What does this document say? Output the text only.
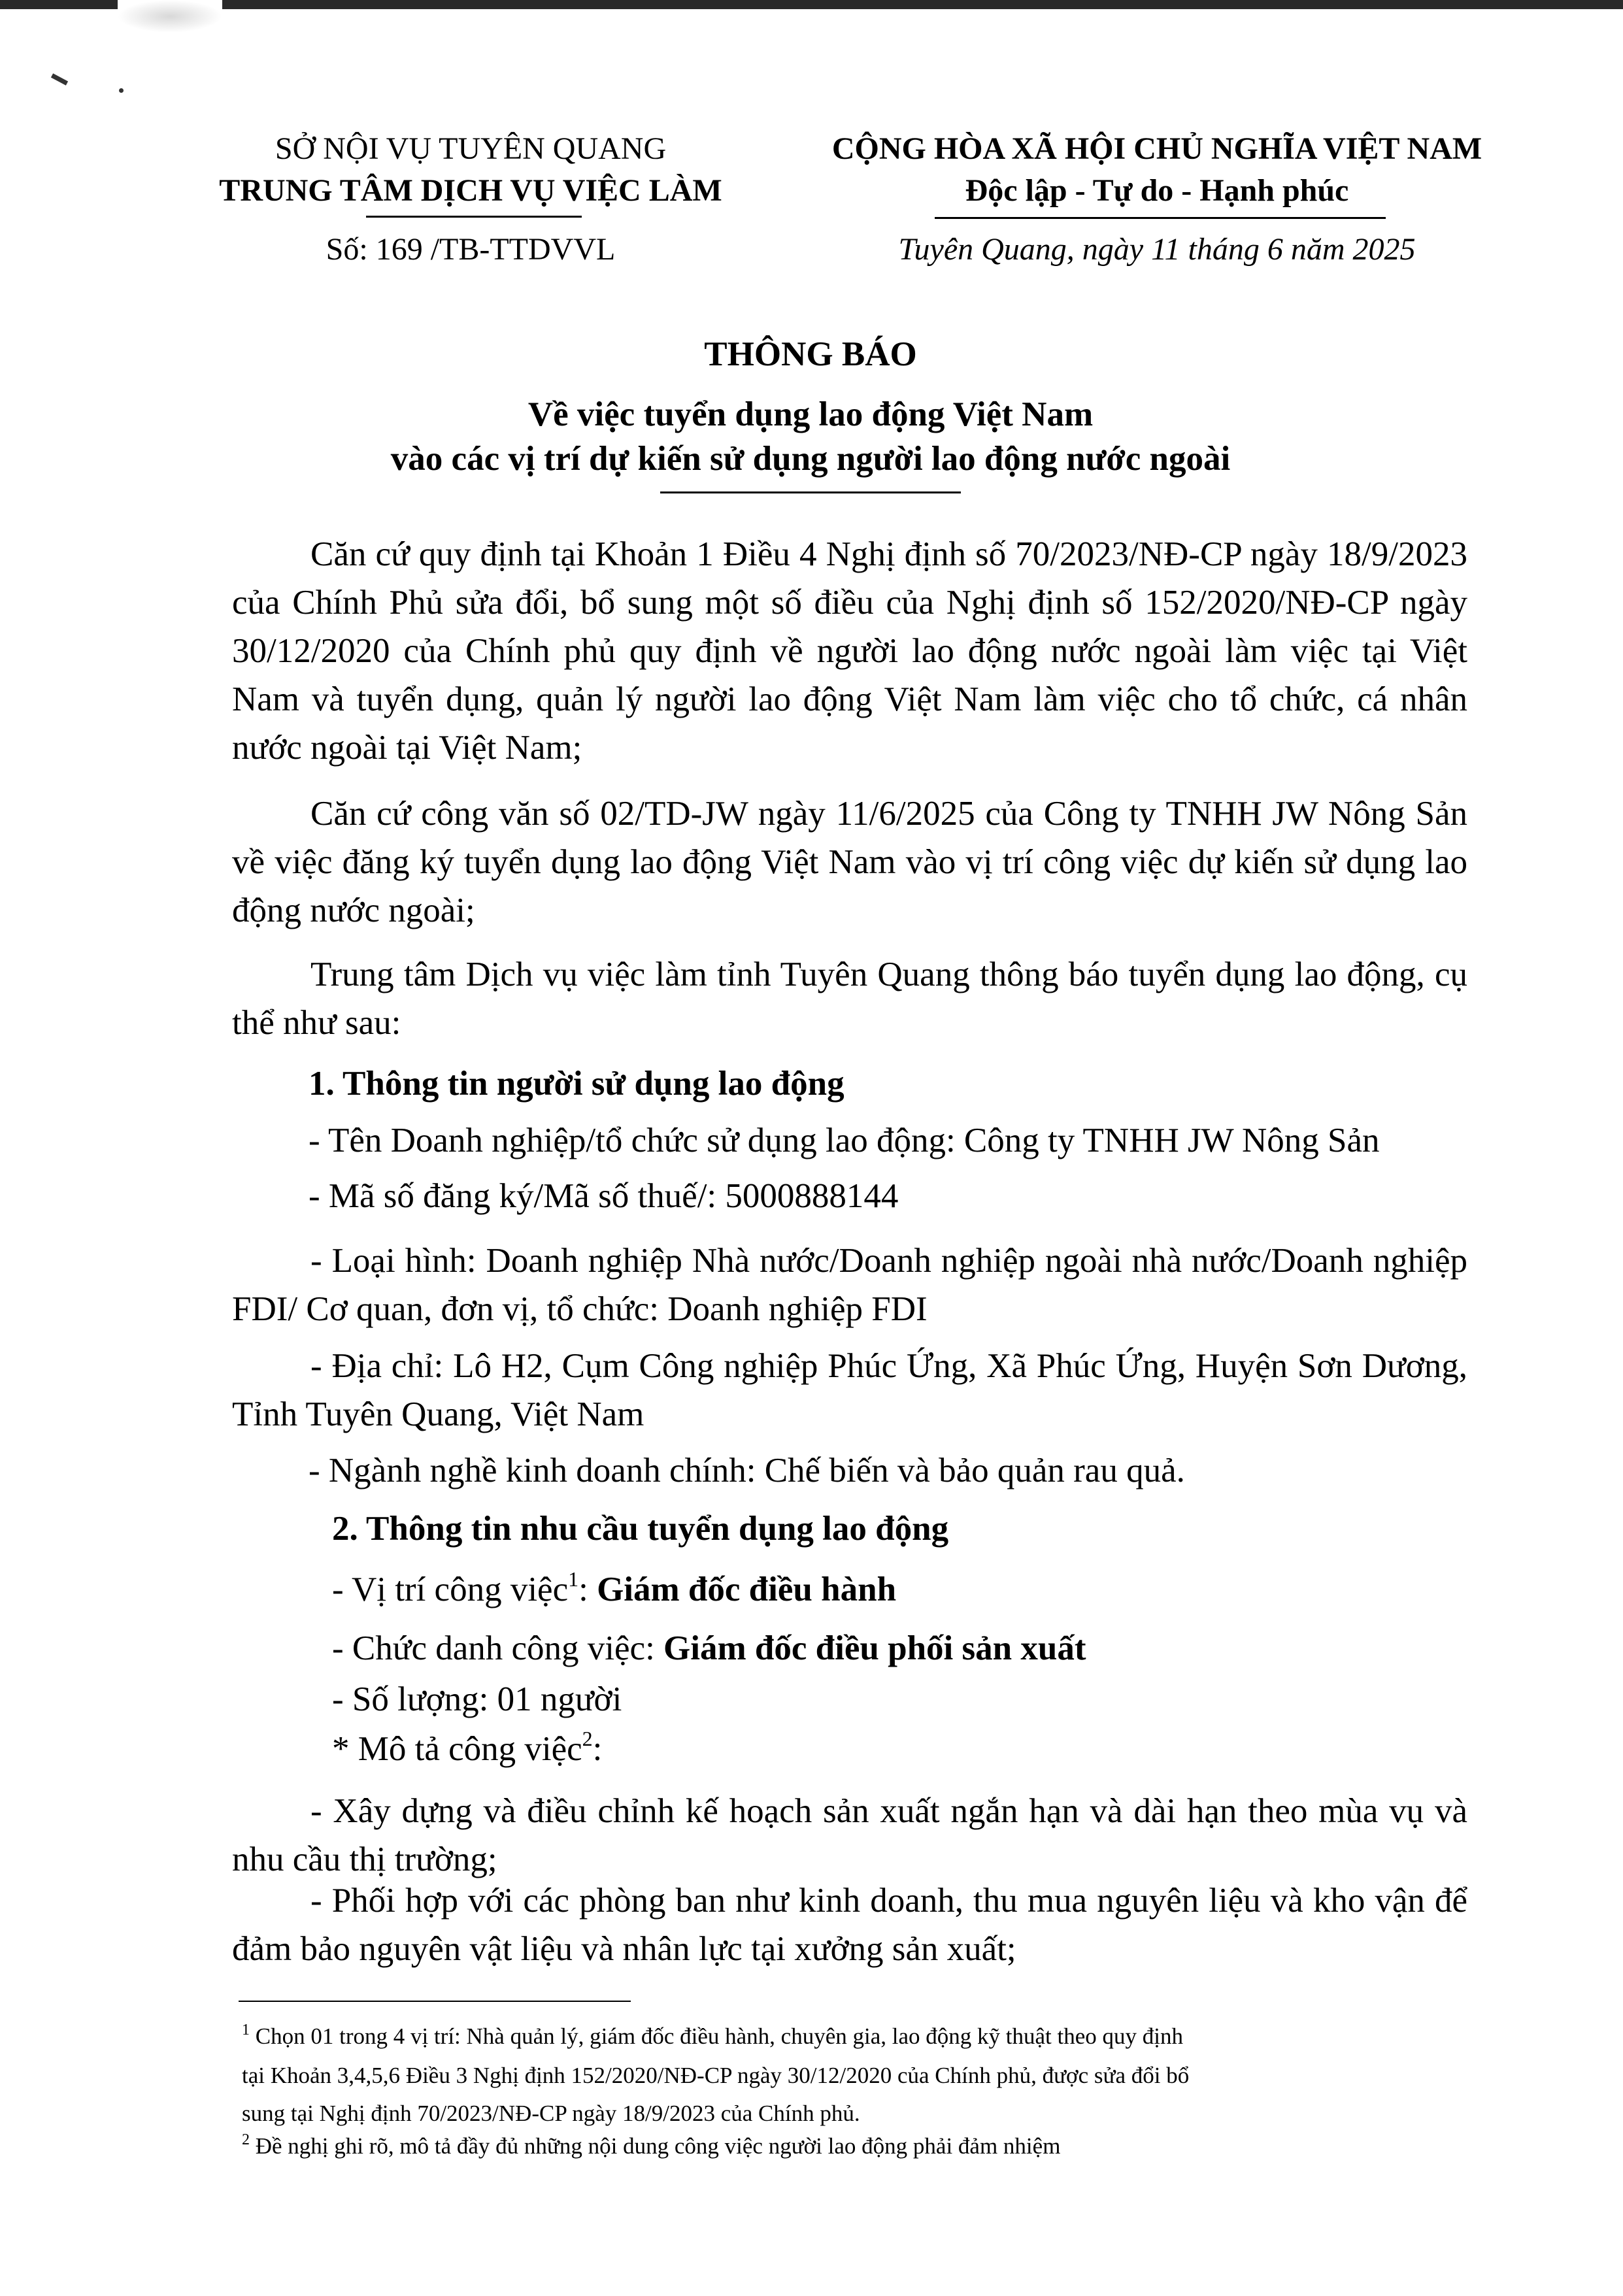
SỞ NỘI VỤ TUYÊN QUANG
TRUNG TÂM DỊCH VỤ VIỆC LÀM
Số: 169 /TB-TTDVVL
CỘNG HÒA XÃ HỘI CHỦ NGHĨA VIỆT NAM
Độc lập - Tự do - Hạnh phúc
Tuyên Quang, ngày 11 tháng 6 năm 2025
THÔNG BÁO
Về việc tuyển dụng lao động Việt Nam
vào các vị trí dự kiến sử dụng người lao động nước ngoài
Căn cứ quy định tại Khoản 1 Điều 4 Nghị định số 70/2023/NĐ-CP ngày 18/9/2023 của Chính Phủ sửa đổi, bổ sung một số điều của Nghị định số 152/2020/NĐ-CP ngày 30/12/2020 của Chính phủ quy định về người lao động nước ngoài làm việc tại Việt Nam và tuyển dụng, quản lý người lao động Việt Nam làm việc cho tổ chức, cá nhân nước ngoài tại Việt Nam;
Căn cứ công văn số 02/TD-JW ngày 11/6/2025 của Công ty TNHH JW Nông Sản về việc đăng ký tuyển dụng lao động Việt Nam vào vị trí công việc dự kiến sử dụng lao động nước ngoài;
Trung tâm Dịch vụ việc làm tỉnh Tuyên Quang thông báo tuyển dụng lao động, cụ thể như sau:
1. Thông tin người sử dụng lao động
- Tên Doanh nghiệp/tổ chức sử dụng lao động: Công ty TNHH JW Nông Sản
- Mã số đăng ký/Mã số thuế/: 5000888144
- Loại hình: Doanh nghiệp Nhà nước/Doanh nghiệp ngoài nhà nước/Doanh nghiệp FDI/ Cơ quan, đơn vị, tổ chức: Doanh nghiệp FDI
- Địa chỉ: Lô H2, Cụm Công nghiệp Phúc Ứng, Xã Phúc Ứng, Huyện Sơn Dương, Tỉnh Tuyên Quang, Việt Nam
- Ngành nghề kinh doanh chính: Chế biến và bảo quản rau quả.
2. Thông tin nhu cầu tuyển dụng lao động
- Vị trí công việc$^1$: Giám đốc điều hành
- Chức danh công việc: Giám đốc điều phối sản xuất
- Số lượng: 01 người
* Mô tả công việc$^2$:
- Xây dựng và điều chỉnh kế hoạch sản xuất ngắn hạn và dài hạn theo mùa vụ và nhu cầu thị trường;
- Phối hợp với các phòng ban như kinh doanh, thu mua nguyên liệu và kho vận để đảm bảo nguyên vật liệu và nhân lực tại xưởng sản xuất;
$^1$ Chọn 01 trong 4 vị trí: Nhà quản lý, giám đốc điều hành, chuyên gia, lao động kỹ thuật theo quy định
tại Khoản 3,4,5,6 Điều 3 Nghị định 152/2020/NĐ-CP ngày 30/12/2020 của Chính phủ, được sửa đổi bổ
sung tại Nghị định 70/2023/NĐ-CP ngày 18/9/2023 của Chính phủ.
$^2$ Đề nghị ghi rõ, mô tả đầy đủ những nội dung công việc người lao động phải đảm nhiệm
